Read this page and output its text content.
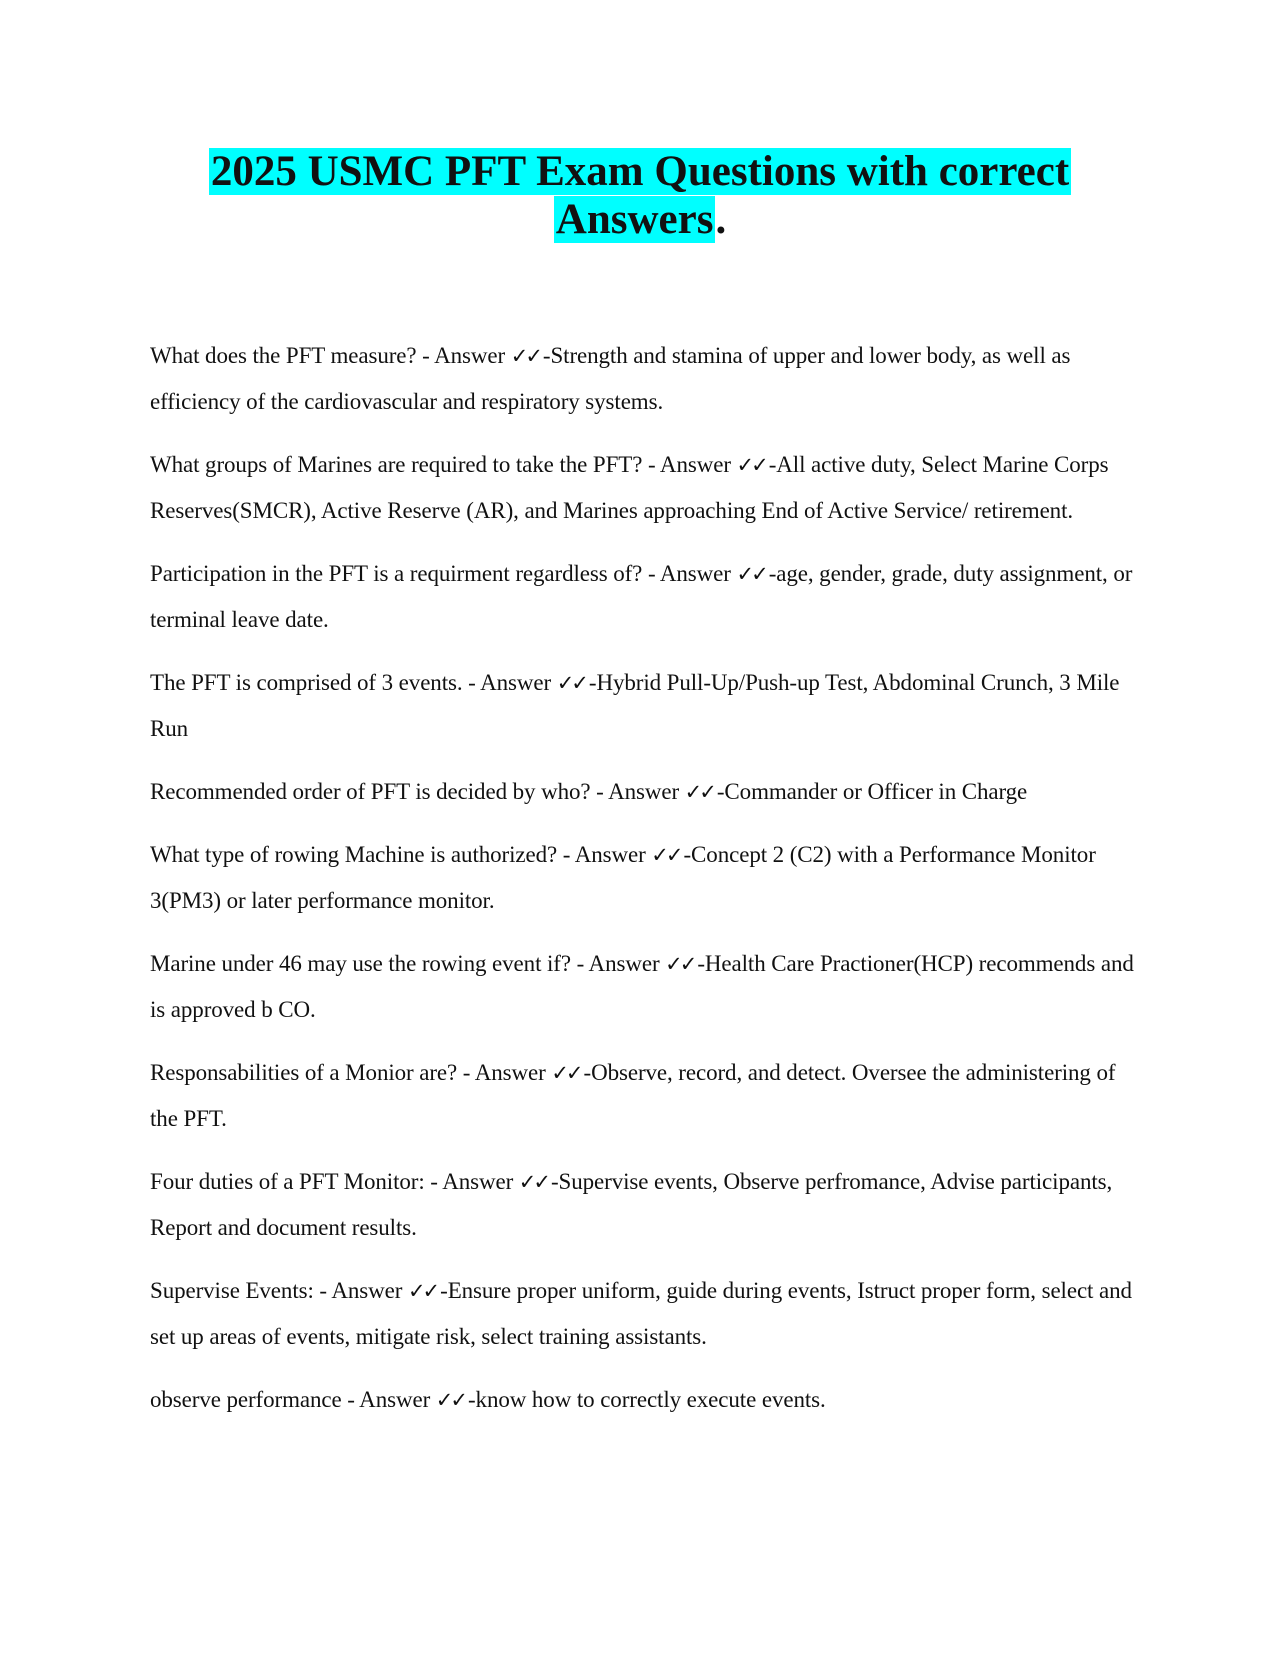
2025 USMC PFT Exam Questions with correct
Answers.

What does the PFT measure? - Answer ✓✓ -Strength and stamina of upper and lower body, as well as efficiency of the cardiovascular and respiratory systems.

What groups of Marines are required to take the PFT? - Answer ✓✓ -All active duty, Select Marine Corps Reserves(SMCR), Active Reserve (AR), and Marines approaching End of Active Service/ retirement.

Participation in the PFT is a requirment regardless of? - Answer ✓✓ -age, gender, grade, duty assignment, or terminal leave date.

The PFT is comprised of 3 events. - Answer ✓✓ -Hybrid Pull-Up/Push-up Test, Abdominal Crunch, 3 Mile Run

Recommended order of PFT is decided by who? - Answer ✓✓ -Commander or Officer in Charge

What type of rowing Machine is authorized? - Answer ✓✓ -Concept 2 (C2) with a Performance Monitor 3(PM3) or later performance monitor.

Marine under 46 may use the rowing event if? - Answer ✓✓ -Health Care Practioner(HCP) recommends and is approved b CO.

Responsabilities of a Monior are? - Answer ✓✓ -Observe, record, and detect. Oversee the administering of the PFT.

Four duties of a PFT Monitor: - Answer ✓✓ -Supervise events, Observe perfromance, Advise participants, Report and document results.

Supervise Events: - Answer ✓✓ -Ensure proper uniform, guide during events, Istruct proper form, select and set up areas of events, mitigate risk, select training assistants.

observe performance - Answer ✓✓ -know how to correctly execute events.
